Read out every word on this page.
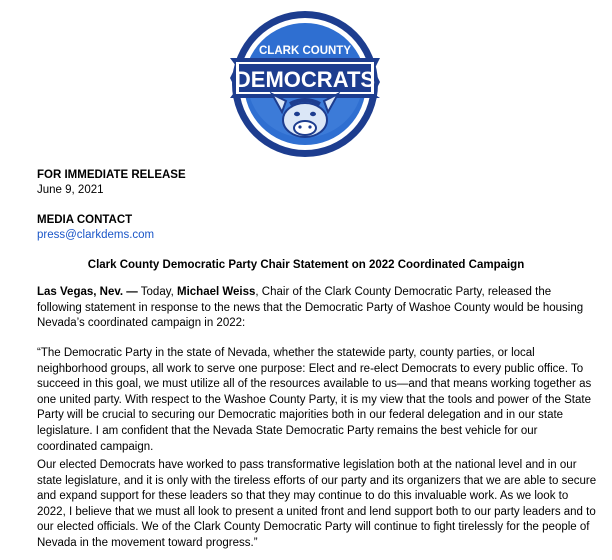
CLARK COUNTY
DEMOCRATS
FOR IMMEDIATE RELEASE
June 9, 2021
MEDIA CONTACT
press@clarkdems.com
Clark County Democratic Party Chair Statement on 2022 Coordinated Campaign

Las Vegas, Nev. — Today, Michael Weiss, Chair of the Clark County Democratic Party, released the following statement in response to the news that the Democratic Party of Washoe County would be housing Nevada’s coordinated campaign in 2022:

“The Democratic Party in the state of Nevada, whether the statewide party, county parties, or local neighborhood groups, all work to serve one purpose: Elect and re-elect Democrats to every public office. To succeed in this goal, we must utilize all of the resources available to us—and that means working together as one united party. With respect to the Washoe County Party, it is my view that the tools and power of the State Party will be crucial to securing our Democratic majorities both in our federal delegation and in our state legislature. I am confident that the Nevada State Democratic Party remains the best vehicle for our coordinated campaign.

Our elected Democrats have worked to pass transformative legislation both at the national level and in our state legislature, and it is only with the tireless efforts of our party and its organizers that we are able to secure and expand support for these leaders so that they may continue to do this invaluable work. As we look to 2022, I believe that we must all look to present a united front and lend support both to our party leaders and to our elected officials. We of the Clark County Democratic Party will continue to fight tirelessly for the people of Nevada in the movement toward progress.”
